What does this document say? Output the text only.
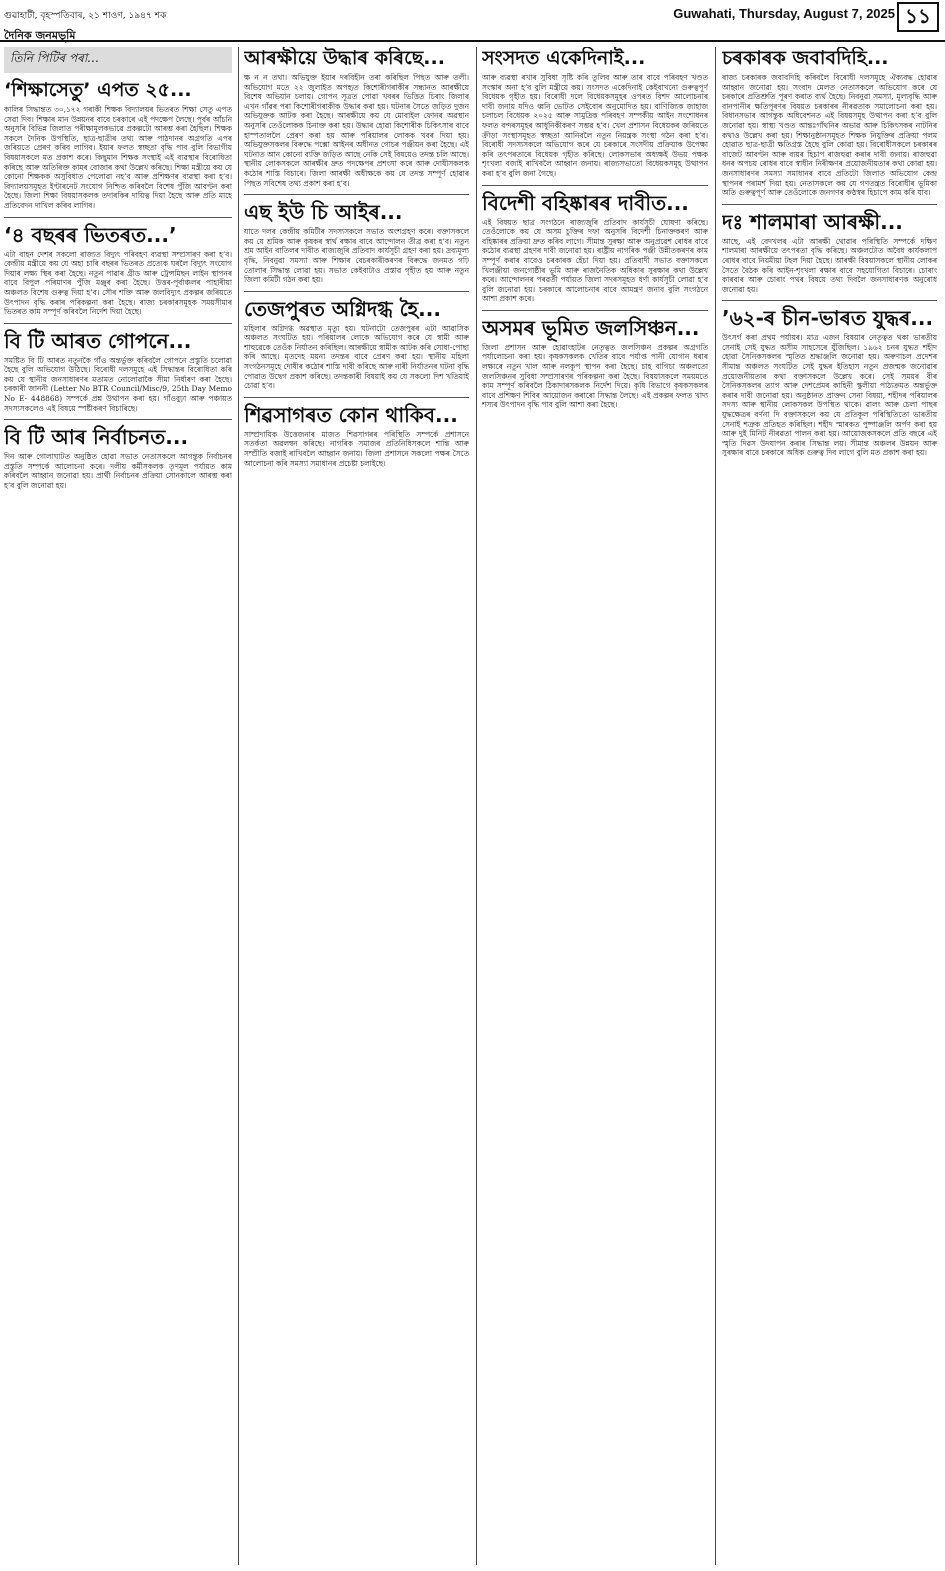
গুৱাহাটী, বৃহস্পতিবাৰ, ২১ শাওণ, ১৯৪৭ শক	Guwahati, Thursday, August 7, 2025 ১১
দৈনিক জনমভূমি
তিনি পিটিৰ পৰা…
‘শিক্ষাসেতু’ এপত ২৫...
কালিৰ সিদ্ধান্তত ৩০,১৭২ গৰাকী শিক্ষক বিদ্যালয়ৰ ভিতৰত শিক্ষা সেতু এপত সেৱা দিব। শিক্ষাৰ মান উন্নয়নৰ বাবে চৰকাৰে এই পদক্ষেপ লৈছে। পূৰ্বৰ আঁচনি অনুসৰি বিভিন্ন জিলাত পৰীক্ষামূলকভাৱে প্ৰকল্পটো আৰম্ভ কৰা হৈছিল। শিক্ষক সকলে দৈনিক উপস্থিতি, ছাত্ৰ-ছাত্ৰীৰ তথ্য আৰু পাঠদানৰ অগ্ৰগতি এপৰ জৰিয়তে প্ৰেৰণ কৰিব লাগিব। ইয়াৰ ফলত স্বচ্ছতা বৃদ্ধি পাব বুলি বিভাগীয় বিষয়াসকলে মত প্ৰকাশ কৰে। কিছুমান শিক্ষক সংস্থাই এই ব্যৱস্থাৰ বিৰোধিতা কৰিছে আৰু অতিৰিক্ত কামৰ বোজাৰ কথা উল্লেখ কৰিছে। শিক্ষা মন্ত্ৰীয়ে কয় যে কোনো শিক্ষকক অসুবিধাত পেলোৱা নহ’ব আৰু প্ৰশিক্ষণৰ ব্যৱস্থা কৰা হ’ব। বিদ্যালয়সমূহত ইণ্টাৰনেট সংযোগ নিশ্চিত কৰিবলৈ বিশেষ পুঁজি আবণ্টন কৰা হৈছে। জিলা শিক্ষা বিষয়াসকলক তদাৰকিৰ দায়িত্ব দিয়া হৈছে আৰু প্ৰতি মাহে প্ৰতিবেদন দাখিল কৰিব লাগিব।
‘৪ বছৰৰ ভিতৰত...’
এটা বাহন দেশৰ সকলো ৰাজ্যত বিদ্যুৎ পৰিবহণ ব্যৱস্থা সম্প্ৰসাৰণ কৰা হ’ব। কেন্দ্ৰীয় মন্ত্ৰীয়ে কয় যে অহা চাৰি বছৰৰ ভিতৰত প্ৰত্যেক ঘৰলৈ বিদ্যুৎ সংযোগ দিয়াৰ লক্ষ্য স্থিৰ কৰা হৈছে। নতুন পাৱাৰ গ্ৰীড আৰু ট্ৰেন্সমিছন লাইন স্থাপনৰ বাবে বিপুল পৰিমাণৰ পুঁজি মঞ্জুৰ কৰা হৈছে। উত্তৰ-পূৰ্বাঞ্চলৰ পাহাৰীয়া অঞ্চলত বিশেষ গুৰুত্ব দিয়া হ’ব। সৌৰ শক্তি আৰু জলবিদ্যুৎ প্ৰকল্পৰ জৰিয়তে উৎপাদন বৃদ্ধি কৰাৰ পৰিকল্পনা কৰা হৈছে। ৰাজ্য চৰকাৰসমূহক সময়সীমাৰ ভিতৰত কাম সম্পূৰ্ণ কৰিবলৈ নিৰ্দেশ দিয়া হৈছে।
বি টি আৰত গোপনে...
সমষ্টিত বি টি আৰত নতুনকৈ গাঁও অন্তৰ্ভুক্ত কৰিবলৈ গোপনে প্ৰস্তুতি চলোৱা হৈছে বুলি অভিযোগ উঠিছে। বিৰোধী দলসমূহে এই সিদ্ধান্তৰ বিৰোধিতা কৰি কয় যে স্থানীয় জনসাধাৰণৰ মতামত নোলোৱাকৈ সীমা নিৰ্ধাৰণ কৰা হৈছে। চৰকাৰী জাননী (Letter No BTR Council/Misc/9, 25th Day Memo No E- 448868) সম্পৰ্কে প্ৰশ্ন উত্থাপন কৰা হয়। গাঁওবুঢ়া আৰু পঞ্চায়ত সদস্যসকলেও এই বিষয়ে স্পষ্টীকৰণ বিচাৰিছে।
বি টি আৰ নিৰ্বাচনত...
দিন আৰু গোলাঘাটত অনুষ্ঠিত হোৱা সভাত নেতাসকলে আগন্তুক নিৰ্বাচনৰ প্ৰস্তুতি সম্পৰ্কে আলোচনা কৰে। দলীয় কৰ্মীসকলক তৃণমূল পৰ্যায়ত কাম কৰিবলৈ আহ্বান জনোৱা হয়। প্ৰাৰ্থী নিৰ্বাচনৰ প্ৰক্ৰিয়া সোনকালে আৰম্ভ কৰা হ’ব বুলি জনোৱা হয়।
আৰক্ষীয়ে উদ্ধাৰ কৰিছে...
ক্ষ ন ন তথা। অভিযুক্ত ইয়াৰ দৰবিহীন তৰা কৰিছিল পিছত আৰু তলী। অভিযোগ মতে ২২ জুলাইত অপহৃত কিশোৰীগৰাকীৰ সন্ধানত আৰক্ষীয়ে বিশেষ অভিযান চলায়। গোপন সূত্ৰত পোৱা খবৰৰ ভিত্তিত চিৰাং জিলাৰ এখন গাঁৱৰ পৰা কিশোৰীগৰাকীক উদ্ধাৰ কৰা হয়। ঘটনাৰ সৈতে জড়িত দুজন অভিযুক্তক আটক কৰা হৈছে। আৰক্ষীয়ে কয় যে মোবাইল ফোনৰ অৱস্থান অনুসৰি তেওঁলোকক চিনাক্ত কৰা হয়। উদ্ধাৰ হোৱা কিশোৰীক চিকিৎসাৰ বাবে হাস্পতাললৈ প্ৰেৰণ কৰা হয় আৰু পৰিয়ালৰ লোকক খবৰ দিয়া হয়। অভিযুক্তসকলৰ বিৰুদ্ধে পক্সো আইনৰ অধীনত গোচৰ পঞ্জীয়ন কৰা হৈছে। এই ঘটনাত আন কোনো ব্যক্তি জড়িত আছে নেকি সেই বিষয়েও তদন্ত চলি আছে। স্থানীয় লোকসকলে আৰক্ষীৰ দ্ৰুত পদক্ষেপৰ প্ৰশংসা কৰে আৰু দোষীসকলক কঠোৰ শাস্তি বিচাৰে। জিলা আৰক্ষী অধীক্ষকে কয় যে তদন্ত সম্পূৰ্ণ হোৱাৰ পিছত সবিশেষ তথ্য প্ৰকাশ কৰা হ’ব।
এছ ইউ চি আইৰ...
যাতে দলৰ কেন্দ্ৰীয় কমিটীৰ সদস্যসকলে সভাত অংশগ্ৰহণ কৰে। বক্তাসকলে কয় যে শ্ৰমিক আৰু কৃষকৰ স্বাৰ্থ ৰক্ষাৰ বাবে আন্দোলন তীব্ৰ কৰা হ’ব। নতুন শ্ৰম আইন বাতিলৰ দাবীত ৰাজ্যজুৰি প্ৰতিবাদ কাৰ্যসূচী গ্ৰহণ কৰা হয়। দ্ৰব্যমূল্য বৃদ্ধি, নিবনুৱা সমস্যা আৰু শিক্ষাৰ বেচৰকাৰীকৰণৰ বিৰুদ্ধে জনমত গঢ়ি তোলাৰ সিদ্ধান্ত লোৱা হয়। সভাত কেইবাটাও প্ৰস্তাৱ গৃহীত হয় আৰু নতুন জিলা কমিটী গঠন কৰা হয়।
তেজপুৰত অগ্নিদগ্ধ হৈ...
মহিলাৰ অগ্নিদগ্ধ অৱস্থাত মৃত্যু হয়। ঘটনাটো তেজপুৰৰ এটা আৱাসিক অঞ্চলত সংঘটিত হয়। পৰিয়ালৰ লোকে অভিযোগ কৰে যে স্বামী আৰু শাহুৱেকে তেওঁক নিৰ্যাতন কৰিছিল। আৰক্ষীয়ে স্বামীক আটক কৰি সোধা-পোছা কৰি আছে। মৃতদেহ ময়না তদন্তৰ বাবে প্ৰেৰণ কৰা হয়। স্থানীয় মহিলা সংগঠনসমূহে দোষীৰ কঠোৰ শাস্তি দাবী কৰিছে আৰু নাৰী নিৰ্যাতনৰ ঘটনা বৃদ্ধি পোৱাত উদ্বেগ প্ৰকাশ কৰিছে। তদন্তকাৰী বিষয়াই কয় যে সকলো দিশ খতিয়াই চোৱা হ’ব।
শিৱসাগৰত কোন থাকিব...
সাম্প্ৰদায়িক উত্তেজনাৰ মাজত শিৱসাগৰৰ পৰিস্থিতি সম্পৰ্কে প্ৰশাসনে সতৰ্কতা অৱলম্বন কৰিছে। নাগৰিক সমাজৰ প্ৰতিনিধিসকলে শান্তি আৰু সম্প্ৰীতি বজাই ৰাখিবলৈ আহ্বান জনায়। জিলা প্ৰশাসনে সকলো পক্ষৰ সৈতে আলোচনা কৰি সমস্যা সমাধানৰ প্ৰচেষ্টা চলাইছে।
সংসদত একেদিনাই...
আৰু ব্যৱস্থা ৰখাৰ সুবিধা সৃষ্টি কৰি তুলিব আৰু তাৰ বাবে পৰিবহণ খণ্ডত সংস্কাৰ অনা হ’ব বুলি মন্ত্ৰীয়ে কয়। সংসদত একেদিনাই কেইবাখনো গুৰুত্বপূৰ্ণ বিধেয়ক গৃহীত হয়। বিৰোধী দলে বিধেয়কসমূহৰ ওপৰত বিশদ আলোচনাৰ দাবী জনায় যদিও ধ্বনি ভোটত সেইবোৰ অনুমোদিত হয়। বাণিজ্যিক জাহাজ চলাচল বিধেয়ক ২০২৫ আৰু সামুদ্ৰিক পৰিবহণ সম্পৰ্কীয় আইন সংশোধনৰ ফলত বন্দৰসমূহৰ আধুনিকীকৰণ সম্ভৱ হ’ব। খেল প্ৰশাসন বিধেয়কৰ জৰিয়তে ক্ৰীড়া সংস্থাসমূহত স্বচ্ছতা আনিবলৈ নতুন নিয়ন্ত্ৰক সংস্থা গঠন কৰা হ’ব। বিৰোধী সদস্যসকলে অভিযোগ কৰে যে চৰকাৰে সংসদীয় প্ৰক্ৰিয়াক উপেক্ষা কৰি তৎপৰতাৰে বিধেয়ক গৃহীত কৰিছে। লোকসভাৰ অধ্যক্ষই উভয় পক্ষক শৃংখলা বজাই ৰাখিবলৈ আহ্বান জনায়। ৰাজ্যসভাতো বিধেয়কসমূহ উত্থাপন কৰা হ’ব বুলি জনা গৈছে।
বিদেশী বহিষ্কাৰৰ দাবীত...
এই বিষয়ত ছাত্ৰ সংগঠনে ৰাজ্যজুৰি প্ৰতিবাদ কাৰ্যসূচী ঘোষণা কৰিছে। তেওঁলোকে কয় যে অসম চুক্তিৰ দফা অনুসৰি বিদেশী চিনাক্তকৰণ আৰু বহিষ্কাৰৰ প্ৰক্ৰিয়া দ্ৰুত কৰিব লাগে। সীমান্ত সুৰক্ষা আৰু অনুপ্ৰৱেশ ৰোধৰ বাবে কঠোৰ ব্যৱস্থা গ্ৰহণৰ দাবী জনোৱা হয়। ৰাষ্ট্ৰীয় নাগৰিক পঞ্জী উন্নীতকৰণৰ কাম সম্পূৰ্ণ কৰাৰ বাবেও চৰকাৰক হেঁচা দিয়া হয়। প্ৰতিবাদী সভাত বক্তাসকলে খিলঞ্জীয়া জনগোষ্ঠীৰ ভূমি আৰু ৰাজনৈতিক অধিকাৰ সুৰক্ষাৰ কথা উল্লেখ কৰে। আন্দোলনৰ পৰৱৰ্তী পৰ্যায়ত জিলা সদৰসমূহত ধৰ্ণা কাৰ্যসূচী লোৱা হ’ব বুলি জনোৱা হয়। চৰকাৰে আলোচনাৰ বাবে আমন্ত্ৰণ জনাব বুলি সংগঠনে আশা প্ৰকাশ কৰে।
অসমৰ ভূমিত জলসিঞ্চন...
জিলা প্ৰশাসন আৰু হোৱাংহাটৰ নেতৃত্বত জলসিঞ্চন প্ৰকল্পৰ অগ্ৰগতি পৰ্যালোচনা কৰা হয়। কৃষকসকলক খেতিৰ বাবে পৰ্যাপ্ত পানী যোগান ধৰাৰ লক্ষ্যৰে নতুন খাল আৰু নলকূপ স্থাপন কৰা হৈছে। চাহ বাগিচা অঞ্চলতো জলসিঞ্চনৰ সুবিধা সম্প্ৰসাৰণৰ পৰিকল্পনা কৰা হৈছে। বিষয়াসকলে সময়মতে কাম সম্পূৰ্ণ কৰিবলৈ ঠিকাদাৰসকলক নিৰ্দেশ দিয়ে। কৃষি বিভাগে কৃষকসকলৰ বাবে প্ৰশিক্ষণ শিবিৰ আয়োজন কৰাৰো সিদ্ধান্ত লৈছে। এই প্ৰকল্পৰ ফলত খাদ্য শস্যৰ উৎপাদন বৃদ্ধি পাব বুলি আশা কৰা হৈছে।
চৰকাৰক জবাবদিহি...
ৰাজ্য চৰকাৰক জবাবদিহি কৰিবলৈ বিৰোধী দলসমূহে ঐক্যবদ্ধ হোৱাৰ আহ্বান জনোৱা হয়। সংবাদ মেলত নেতাসকলে অভিযোগ কৰে যে চৰকাৰে প্ৰতিশ্ৰুতি পূৰণ কৰাত ব্যৰ্থ হৈছে। নিবনুৱা সমস্যা, মূল্যবৃদ্ধি আৰু বানপানীৰ ক্ষতিপূৰণৰ বিষয়ত চৰকাৰৰ নীৰৱতাক সমালোচনা কৰা হয়। বিধানসভাৰ আগন্তুক অধিবেশনত এই বিষয়সমূহ উত্থাপন কৰা হ’ব বুলি জনোৱা হয়। স্বাস্থ্য খণ্ডত আন্তঃগাঁথনিৰ অভাৱ আৰু চিকিৎসকৰ নাটনিৰ কথাও উল্লেখ কৰা হয়। শিক্ষানুষ্ঠানসমূহত শিক্ষক নিযুক্তিৰ প্ৰক্ৰিয়া পলম হোৱাত ছাত্ৰ-ছাত্ৰী ক্ষতিগ্ৰস্ত হৈছে বুলি কোৱা হয়। বিৰোধীসকলে চৰকাৰৰ বাজেট আবণ্টন আৰু ব্যয়ৰ হিচাপ ৰাজহুৱা কৰাৰ দাবী জনায়। ৰাজহুৱা ধনৰ অপচয় ৰোধৰ বাবে স্বাধীন নিৰীক্ষণৰ প্ৰয়োজনীয়তাৰ কথা কোৱা হয়। জনসাধাৰণৰ সমস্যা সমাধানৰ বাবে প্ৰতিটো জিলাত অভিযোগ কেন্দ্ৰ স্থাপনৰ পৰামৰ্শ দিয়া হয়। নেতাসকলে কয় যে গণতন্ত্ৰত বিৰোধীৰ ভূমিকা অতি গুৰুত্বপূৰ্ণ আৰু তেওঁলোকে জনগণৰ কণ্ঠস্বৰ হিচাপে কাম কৰি যাব।
দঃ শালমাৰা আৰক্ষী...
আছে, এই বেদখলৰ এটা আৰক্ষী থোৱাৰ পৰিস্থিতি সম্পৰ্কে দক্ষিণ শালমাৰা আৰক্ষীয়ে তৎপৰতা বৃদ্ধি কৰিছে। অঞ্চলটোত অবৈধ কাৰ্যকলাপ ৰোধৰ বাবে নিয়মীয়া টহল দিয়া হৈছে। আৰক্ষী বিষয়াসকলে স্থানীয় লোকৰ সৈতে বৈঠক কৰি আইন-শৃংখলা ৰক্ষাৰ বাবে সহযোগিতা বিচাৰে। চোৰাং কাৰবাৰ আৰু চোৰাং পথৰ বিষয়ে তথ্য দিবলৈ জনসাধাৰণক অনুৰোধ জনোৱা হয়।
’৬২-ৰ চীন-ভাৰত যুদ্ধৰ...
উৎসৰ্গ কৰা প্ৰথম পৰ্যায়ৰ। মাত্ৰ এজন বিষয়াৰ নেতৃত্বত থকা ভাৰতীয় সেনাই সেই যুদ্ধত অসীম সাহসেৰে যুঁজিছিল। ১৯৬২ চনৰ যুদ্ধত শহীদ হোৱা সৈনিকসকলৰ স্মৃতিত শ্ৰদ্ধাঞ্জলি জনোৱা হয়। অৰুণাচল প্ৰদেশৰ সীমান্ত অঞ্চলত সংঘটিত সেই যুদ্ধৰ ইতিহাস নতুন প্ৰজন্মক জনোৱাৰ প্ৰয়োজনীয়তাৰ কথা বক্তাসকলে উল্লেখ কৰে। সেই সময়ৰ বীৰ সৈনিকসকলৰ ত্যাগ আৰু দেশপ্ৰেমৰ কাহিনী স্কুলীয়া পাঠ্যক্ৰমত অন্তৰ্ভুক্ত কৰাৰ দাবী জনোৱা হয়। অনুষ্ঠানত প্ৰাক্তন সেনা বিষয়া, শহীদৰ পৰিয়ালৰ সদস্য আৰু স্থানীয় লোকসকল উপস্থিত থাকে। ৱালং আৰু চেলা পাছৰ যুদ্ধক্ষেত্ৰৰ বৰ্ণনা দি বক্তাসকলে কয় যে প্ৰতিকূল পৰিস্থিতিতো ভাৰতীয় সেনাই শত্ৰুক প্ৰতিহত কৰিছিল। শহীদ স্মাৰকত পুষ্পাঞ্জলি অৰ্পণ কৰা হয় আৰু দুই মিনিট নীৰৱতা পালন কৰা হয়। আয়োজকসকলে প্ৰতি বছৰে এই স্মৃতি দিৱস উদযাপন কৰাৰ সিদ্ধান্ত লয়। সীমান্ত অঞ্চলৰ উন্নয়ন আৰু সুৰক্ষাৰ বাবে চৰকাৰে অধিক গুৰুত্ব দিব লাগে বুলি মত প্ৰকাশ কৰা হয়।
